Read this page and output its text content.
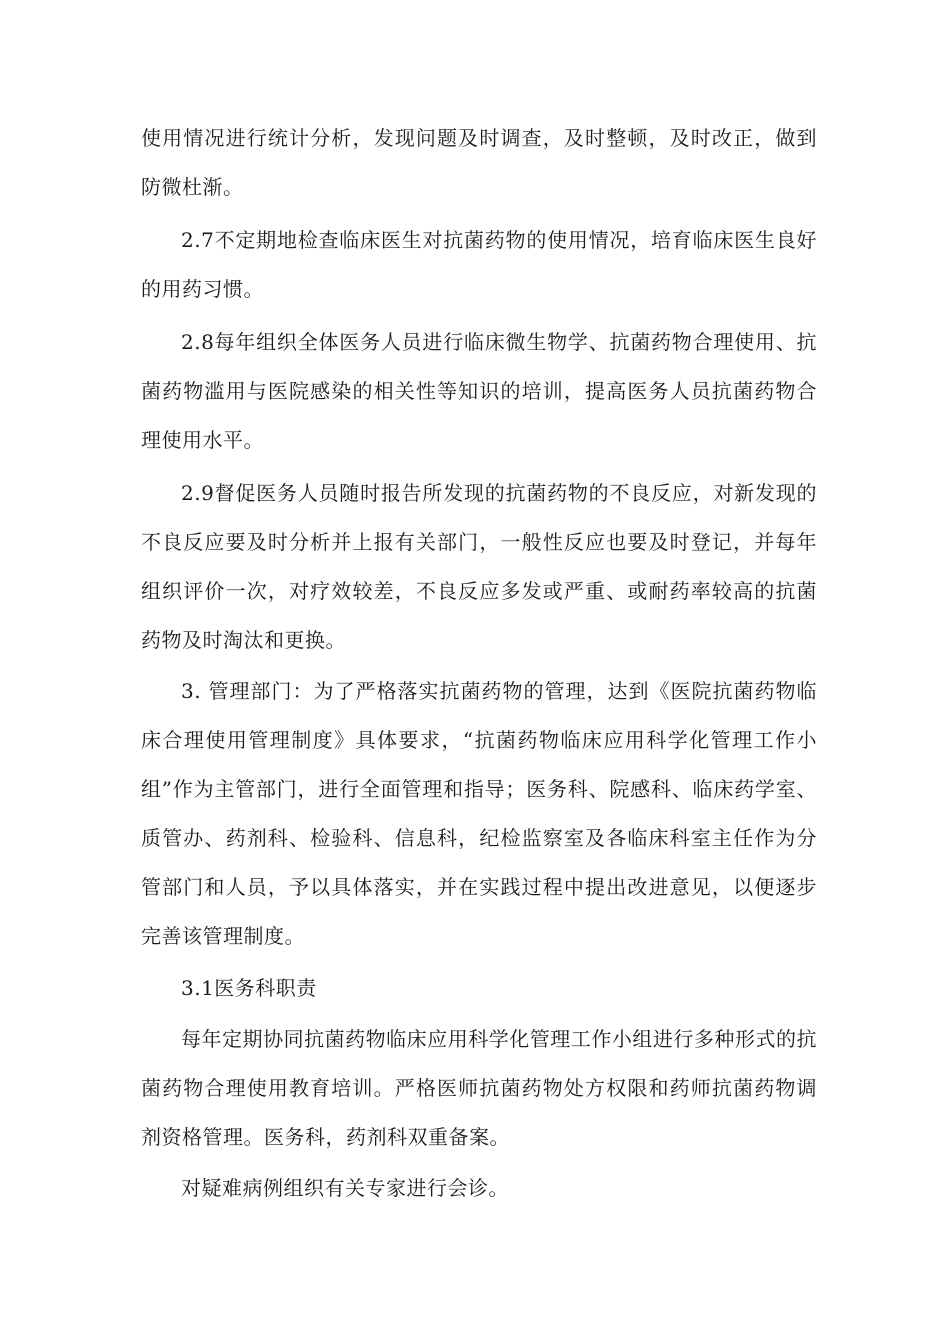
使用情况进行统计分析，发现问题及时调查，及时整顿，及时改正，做到防微杜渐。

2.7不定期地检查临床医生对抗菌药物的使用情况，培育临床医生良好的用药习惯。

2.8每年组织全体医务人员进行临床微生物学、抗菌药物合理使用、抗菌药物滥用与医院感染的相关性等知识的培训，提高医务人员抗菌药物合理使用水平。

2.9督促医务人员随时报告所发现的抗菌药物的不良反应，对新发现的不良反应要及时分析并上报有关部门，一般性反应也要及时登记，并每年组织评价一次，对疗效较差，不良反应多发或严重、或耐药率较高的抗菌药物及时淘汰和更换。

3. 管理部门：为了严格落实抗菌药物的管理，达到《医院抗菌药物临床合理使用管理制度》具体要求，“抗菌药物临床应用科学化管理工作小组”作为主管部门，进行全面管理和指导；医务科、院感科、临床药学室、质管办、药剂科、检验科、信息科，纪检监察室及各临床科室主任作为分管部门和人员，予以具体落实，并在实践过程中提出改进意见，以便逐步完善该管理制度。

3.1医务科职责

每年定期协同抗菌药物临床应用科学化管理工作小组进行多种形式的抗菌药物合理使用教育培训。严格医师抗菌药物处方权限和药师抗菌药物调剂资格管理。医务科，药剂科双重备案。

对疑难病例组织有关专家进行会诊。
